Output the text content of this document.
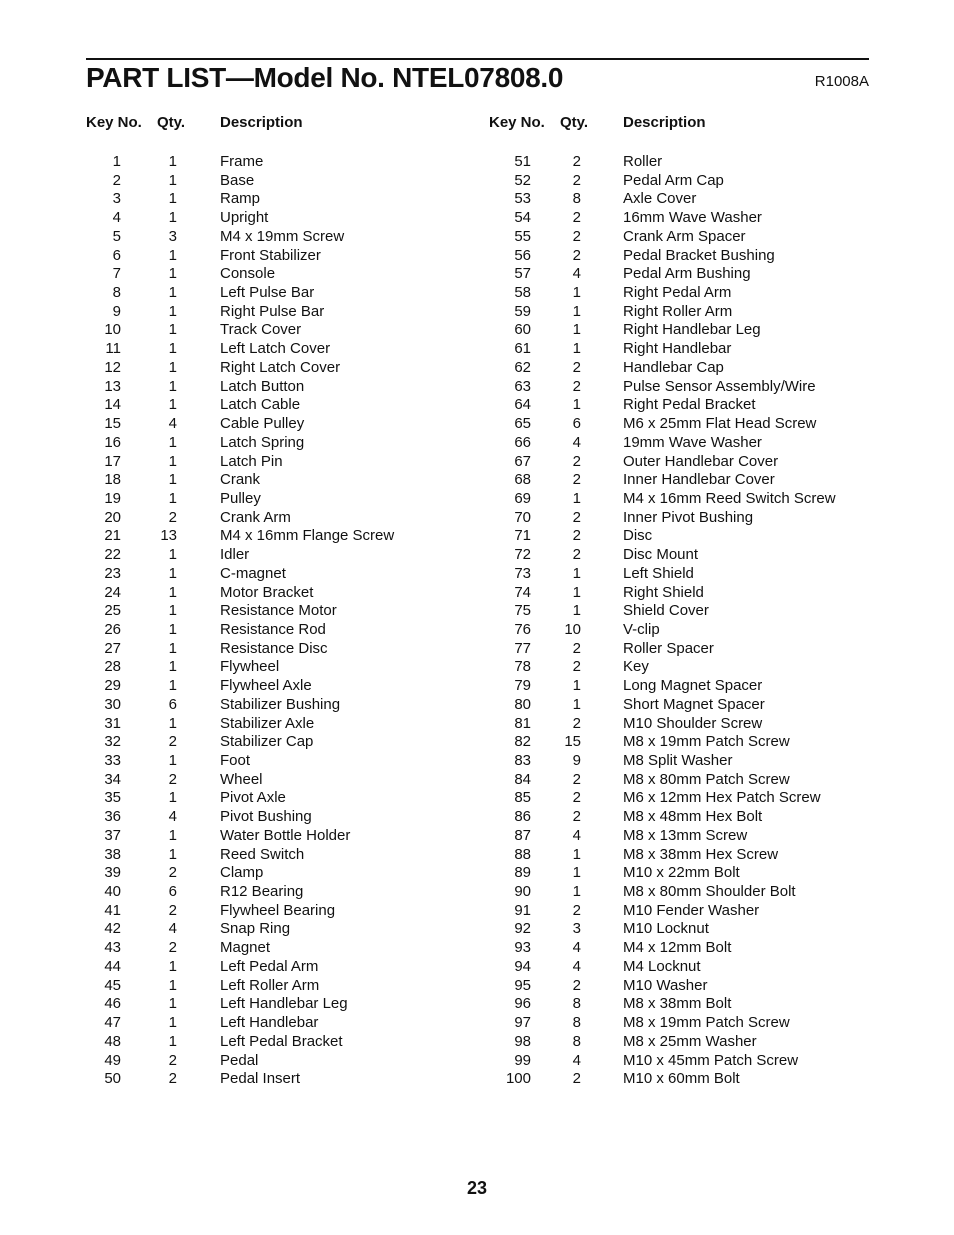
PART LIST—Model No. NTEL07808.0	R1008A
Key No. Qty. Description	Key No. Qty. Description
1	1	Frame
2	1	Base
3	1	Ramp
4	1	Upright
5	3	M4 x 19mm Screw
6	1	Front Stabilizer
7	1	Console
8	1	Left Pulse Bar
9	1	Right Pulse Bar
10	1	Track Cover
11	1	Left Latch Cover
12	1	Right Latch Cover
13	1	Latch Button
14	1	Latch Cable
15	4	Cable Pulley
16	1	Latch Spring
17	1	Latch Pin
18	1	Crank
19	1	Pulley
20	2	Crank Arm
21	13	M4 x 16mm Flange Screw
22	1	Idler
23	1	C-magnet
24	1	Motor Bracket
25	1	Resistance Motor
26	1	Resistance Rod
27	1	Resistance Disc
28	1	Flywheel
29	1	Flywheel Axle
30	6	Stabilizer Bushing
31	1	Stabilizer Axle
32	2	Stabilizer Cap
33	1	Foot
34	2	Wheel
35	1	Pivot Axle
36	4	Pivot Bushing
37	1	Water Bottle Holder
38	1	Reed Switch
39	2	Clamp
40	6	R12 Bearing
41	2	Flywheel Bearing
42	4	Snap Ring
43	2	Magnet
44	1	Left Pedal Arm
45	1	Left Roller Arm
46	1	Left Handlebar Leg
47	1	Left Handlebar
48	1	Left Pedal Bracket
49	2	Pedal
50	2	Pedal Insert
51	2	Roller
52	2	Pedal Arm Cap
53	8	Axle Cover
54	2	16mm Wave Washer
55	2	Crank Arm Spacer
56	2	Pedal Bracket Bushing
57	4	Pedal Arm Bushing
58	1	Right Pedal Arm
59	1	Right Roller Arm
60	1	Right Handlebar Leg
61	1	Right Handlebar
62	2	Handlebar Cap
63	2	Pulse Sensor Assembly/Wire
64	1	Right Pedal Bracket
65	6	M6 x 25mm Flat Head Screw
66	4	19mm Wave Washer
67	2	Outer Handlebar Cover
68	2	Inner Handlebar Cover
69	1	M4 x 16mm Reed Switch Screw
70	2	Inner Pivot Bushing
71	2	Disc
72	2	Disc Mount
73	1	Left Shield
74	1	Right Shield
75	1	Shield Cover
76	10	V-clip
77	2	Roller Spacer
78	2	Key
79	1	Long Magnet Spacer
80	1	Short Magnet Spacer
81	2	M10 Shoulder Screw
82	15	M8 x 19mm Patch Screw
83	9	M8 Split Washer
84	2	M8 x 80mm Patch Screw
85	2	M6 x 12mm Hex Patch Screw
86	2	M8 x 48mm Hex Bolt
87	4	M8 x 13mm Screw
88	1	M8 x 38mm Hex Screw
89	1	M10 x 22mm Bolt
90	1	M8 x 80mm Shoulder Bolt
91	2	M10 Fender Washer
92	3	M10 Locknut
93	4	M4 x 12mm Bolt
94	4	M4 Locknut
95	2	M10 Washer
96	8	M8 x 38mm Bolt
97	8	M8 x 19mm Patch Screw
98	8	M8 x 25mm Washer
99	4	M10 x 45mm Patch Screw
100	2	M10 x 60mm Bolt
23
